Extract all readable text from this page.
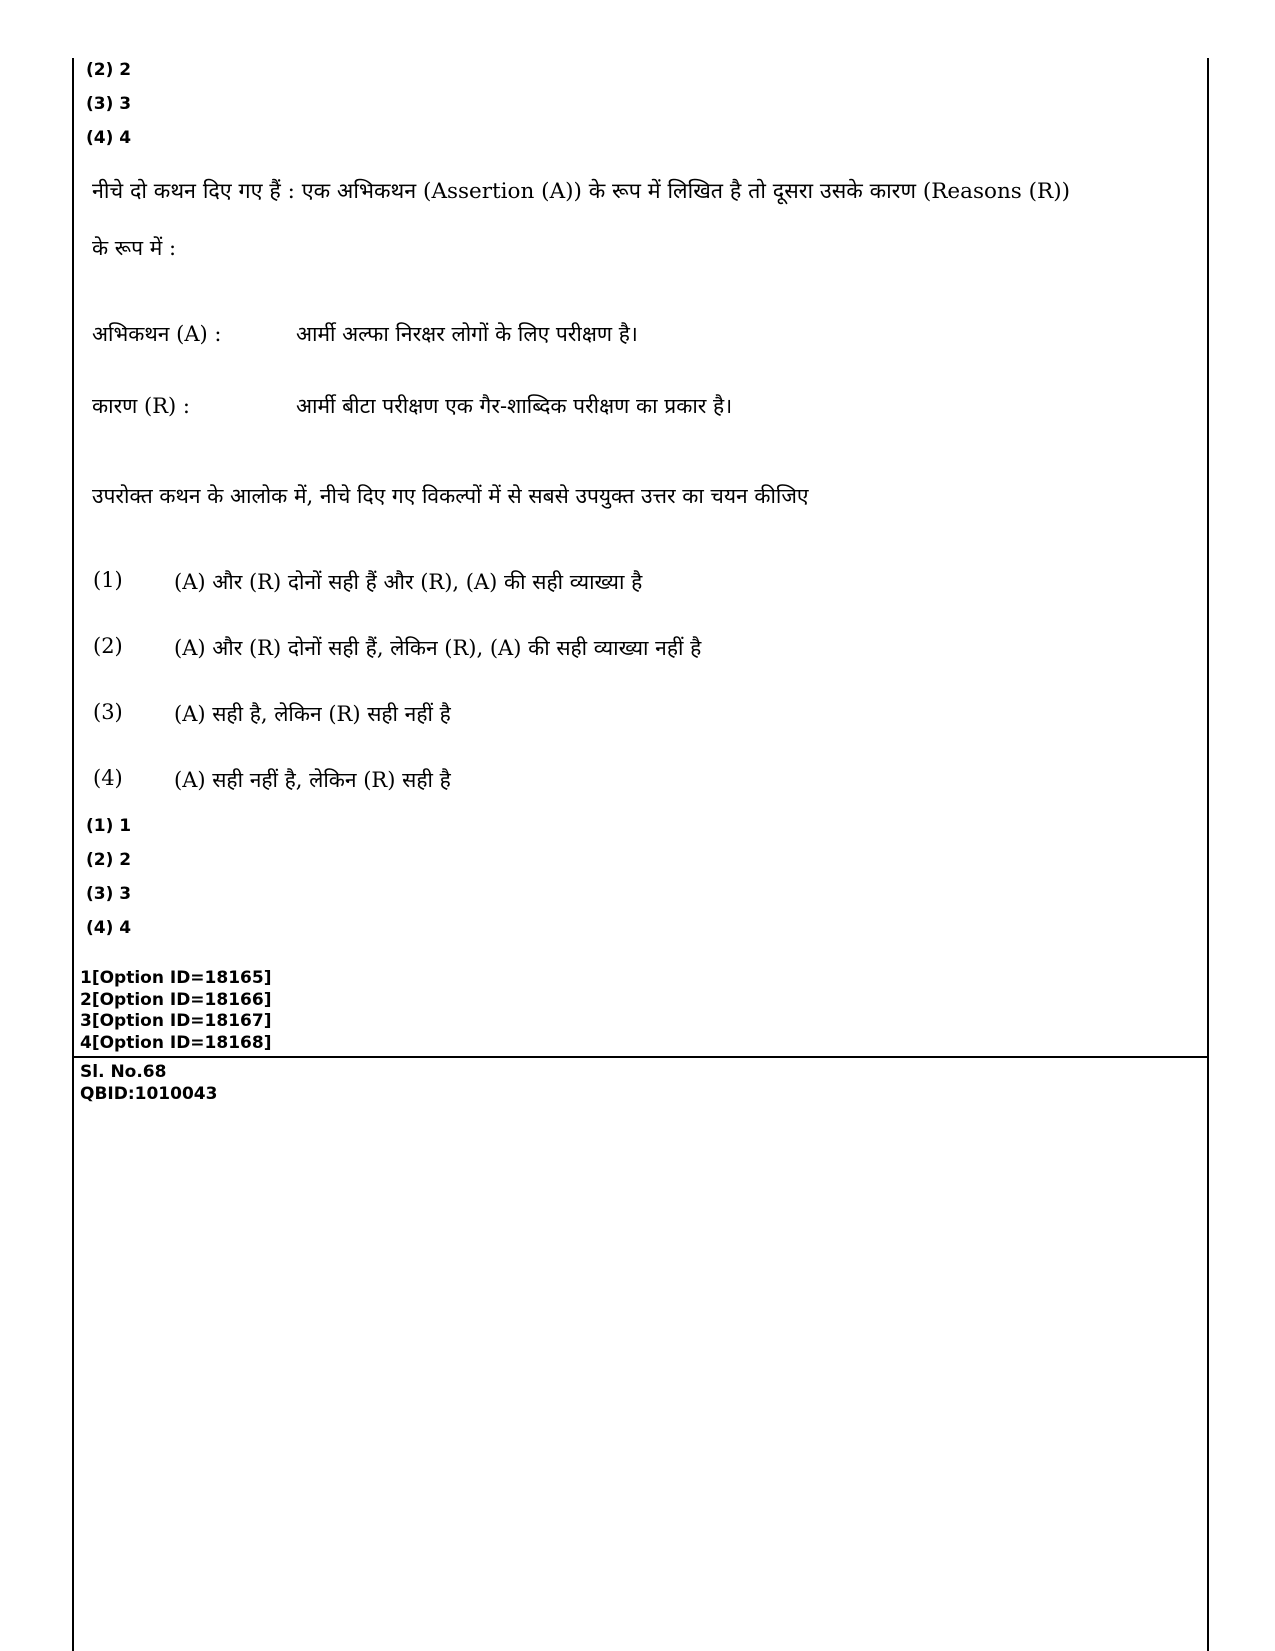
(2) 2
(3) 3
(4) 4
नीचे दो कथन दिए गए हैं : एक अभिकथन (Assertion (A)) के रूप में लिखित है तो दूसरा उसके कारण (Reasons (R))
के रूप में :
अभिकथन (A) :	आर्मी अल्फा निरक्षर लोगों के लिए परीक्षण है।
कारण (R) :	आर्मी बीटा परीक्षण एक गैर-शाब्दिक परीक्षण का प्रकार है।
उपरोक्त कथन के आलोक में, नीचे दिए गए विकल्पों में से सबसे उपयुक्त उत्तर का चयन कीजिए
(1) (A) और (R) दोनों सही हैं और (R), (A) की सही व्याख्या है
(2) (A) और (R) दोनों सही हैं, लेकिन (R), (A) की सही व्याख्या नहीं है
(3) (A) सही है, लेकिन (R) सही नहीं है
(4) (A) सही नहीं है, लेकिन (R) सही है
(1) 1
(2) 2
(3) 3
(4) 4
1[Option ID=18165]
2[Option ID=18166]
3[Option ID=18167]
4[Option ID=18168]
Sl. No.68
QBID:1010043
